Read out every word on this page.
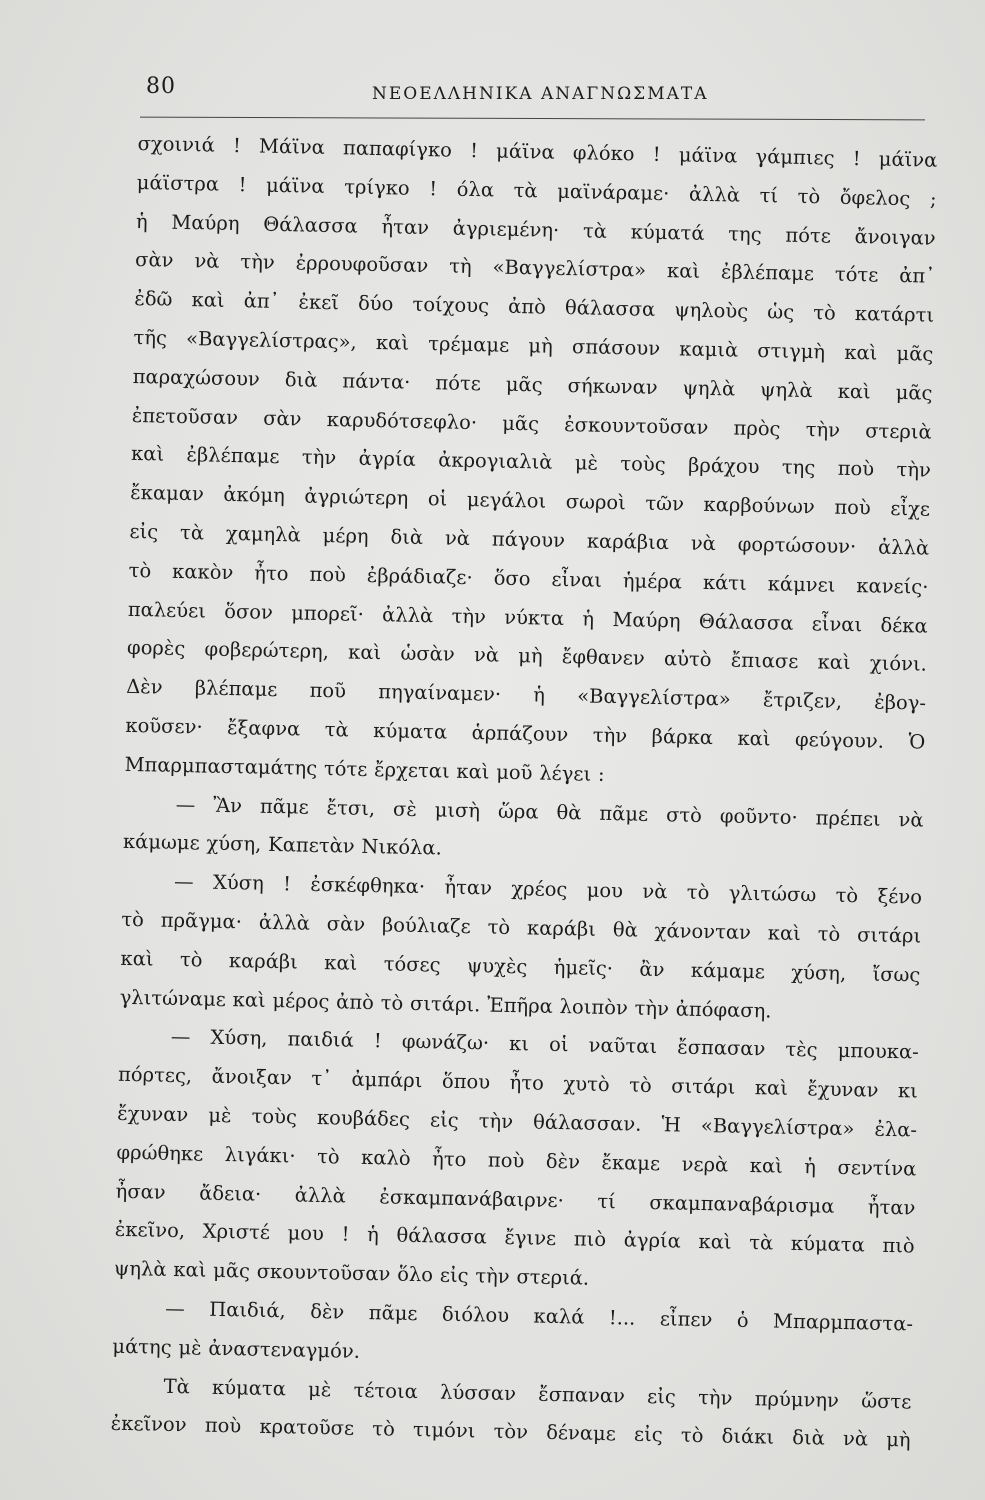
80	ΝΕΟΕΛΛΗΝΙΚΑ ΑΝΑΓΝΩΣΜΑΤΑ
σχοινιά ! Μάϊνα παπαφίγκο ! μάϊνα φλόκο ! μάϊνα γάμπιες ! μάϊνα
μάϊστρα ! μάϊνα τρίγκο ! όλα τὰ μαϊνάραμε· ἀλλὰ τί τὸ ὄφελος ;
ἡ Μαύρη Θάλασσα ἦταν ἀγριεμένη· τὰ κύματά της πότε ἄνοιγαν
σὰν νὰ τὴν ἐρρουφοῦσαν τὴ «Βαγγελίστρα» καὶ ἐβλέπαμε τότε ἀπ᾿
ἐδῶ καὶ ἀπ᾿ ἐκεῖ δύο τοίχους ἀπὸ θάλασσα ψηλοὺς ὡς τὸ κατάρτι
τῆς «Βαγγελίστρας», καὶ τρέμαμε μὴ σπάσουν καμιὰ στιγμὴ καὶ μᾶς
παραχώσουν διὰ πάντα· πότε μᾶς σήκωναν ψηλὰ ψηλὰ καὶ μᾶς
ἐπετοῦσαν σὰν καρυδότσεφλο· μᾶς ἐσκουντοῦσαν πρὸς τὴν στεριὰ
καὶ ἐβλέπαμε τὴν ἀγρία ἀκρογιαλιὰ μὲ τοὺς βράχου της ποὺ τὴν
ἔκαμαν ἀκόμη ἀγριώτερη οἱ μεγάλοι σωροὶ τῶν καρβούνων ποὺ εἶχε
εἰς τὰ χαμηλὰ μέρη διὰ νὰ πάγουν καράβια νὰ φορτώσουν· ἀλλὰ
τὸ κακὸν ἦτο ποὺ ἐβράδιαζε· ὅσο εἶναι ἡμέρα κάτι κάμνει κανείς·
παλεύει ὅσον μπορεῖ· ἀλλὰ τὴν νύκτα ἡ Μαύρη Θάλασσα εἶναι δέκα
φορὲς φοβερώτερη, καὶ ὡσὰν νὰ μὴ ἔφθανεν αὐτὸ ἔπιασε καὶ χιόνι.
Δὲν βλέπαμε ποῦ πηγαίναμεν· ἡ «Βαγγελίστρα» ἔτριζεν, ἐβογ-
κοῦσεν· ἔξαφνα τὰ κύματα ἁρπάζουν τὴν βάρκα καὶ φεύγουν. Ὁ
Μπαρμπασταμάτης τότε ἔρχεται καὶ μοῦ λέγει :
— Ἂν πᾶμε ἔτσι, σὲ μισὴ ὥρα θὰ πᾶμε στὸ φοῦντο· πρέπει νὰ
κάμωμε χύση, Καπετὰν Νικόλα.
— Χύση ! ἐσκέφθηκα· ἦταν χρέος μου νὰ τὸ γλιτώσω τὸ ξένο
τὸ πρᾶγμα· ἀλλὰ σὰν βούλιαζε τὸ καράβι θὰ χάνονταν καὶ τὸ σιτάρι
καὶ τὸ καράβι καὶ τόσες ψυχὲς ἡμεῖς· ἂν κάμαμε χύση, ἴσως
γλιτώναμε καὶ μέρος ἀπὸ τὸ σιτάρι. Ἐπῆρα λοιπὸν τὴν ἀπόφαση.
— Χύση, παιδιά ! φωνάζω· κι οἱ ναῦται ἔσπασαν τὲς μπουκα-
πόρτες, ἄνοιξαν τ᾿ ἀμπάρι ὅπου ἦτο χυτὸ τὸ σιτάρι καὶ ἔχυναν κι
ἔχυναν μὲ τοὺς κουβάδες εἰς τὴν θάλασσαν. Ἡ «Βαγγελίστρα» ἐλα-
φρώθηκε λιγάκι· τὸ καλὸ ἦτο ποὺ δὲν ἔκαμε νερὰ καὶ ἡ σεντίνα
ἦσαν ἄδεια· ἀλλὰ ἐσκαμπανάβαιρνε· τί σκαμπαναβάρισμα ἦταν
ἐκεῖνο, Χριστέ μου ! ἡ θάλασσα ἔγινε πιὸ ἀγρία καὶ τὰ κύματα πιὸ
ψηλὰ καὶ μᾶς σκουντοῦσαν ὅλο εἰς τὴν στεριά.
— Παιδιά, δὲν πᾶμε διόλου καλά !... εἶπεν ὁ Μπαρμπαστα-
μάτης μὲ ἀναστεναγμόν.
Τὰ κύματα μὲ τέτοια λύσσαν ἔσπαναν εἰς τὴν πρύμνην ὥστε
ἐκεῖνον ποὺ κρατοῦσε τὸ τιμόνι τὸν δέναμε εἰς τὸ διάκι διὰ νὰ μὴ
